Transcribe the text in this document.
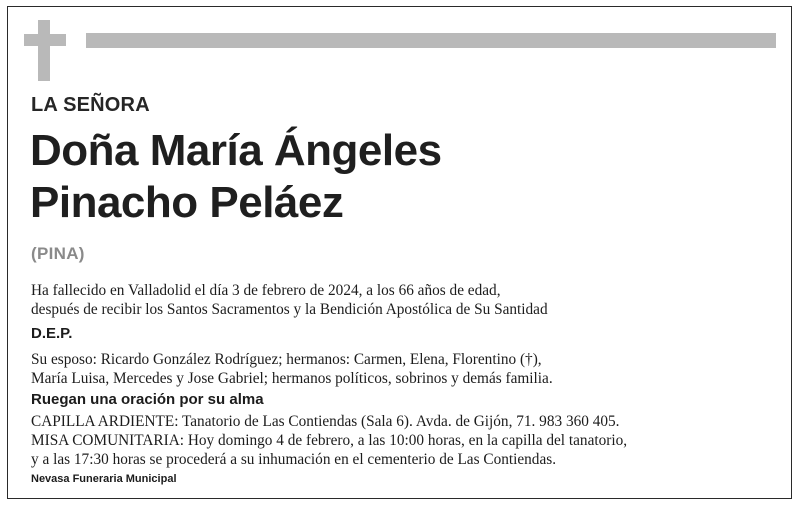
LA SEÑORA
Doña María Ángeles
Pinacho Peláez
(PINA)
Ha fallecido en Valladolid el día 3 de febrero de 2024, a los 66 años de edad,
después de recibir los Santos Sacramentos y la Bendición Apostólica de Su Santidad
D.E.P.
Su esposo: Ricardo González Rodríguez; hermanos: Carmen, Elena, Florentino (†),
María Luisa, Mercedes y Jose Gabriel; hermanos políticos, sobrinos y demás familia.
Ruegan una oración por su alma
CAPILLA ARDIENTE: Tanatorio de Las Contiendas (Sala 6). Avda. de Gijón, 71. 983 360 405.
MISA COMUNITARIA: Hoy domingo 4 de febrero, a las 10:00 horas, en la capilla del tanatorio,
y a las 17:30 horas se procederá a su inhumación en el cementerio de Las Contiendas.
Nevasa Funeraria Municipal
